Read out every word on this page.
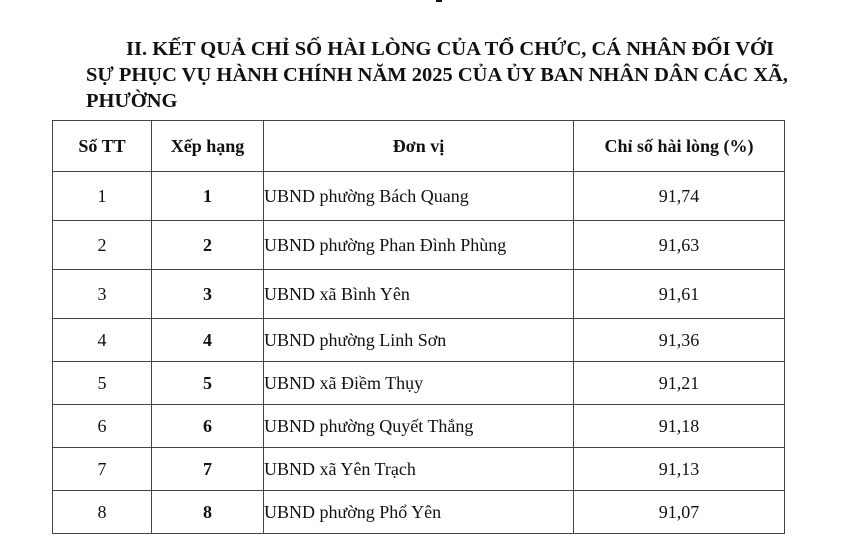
II. KẾT QUẢ CHỈ SỐ HÀI LÒNG CỦA TỔ CHỨC, CÁ NHÂN ĐỐI VỚI SỰ PHỤC VỤ HÀNH CHÍNH NĂM 2025 CỦA ỦY BAN NHÂN DÂN CÁC XÃ, PHƯỜNG
Số TT	Xếp hạng	Đơn vị	Chỉ số hài lòng (%)
1	1	UBND phường Bách Quang	91,74
2	2	UBND phường Phan Đình Phùng	91,63
3	3	UBND xã Bình Yên	91,61
4	4	UBND phường Linh Sơn	91,36
5	5	UBND xã Điềm Thụy	91,21
6	6	UBND phường Quyết Thắng	91,18
7	7	UBND xã Yên Trạch	91,13
8	8	UBND phường Phổ Yên	91,07
